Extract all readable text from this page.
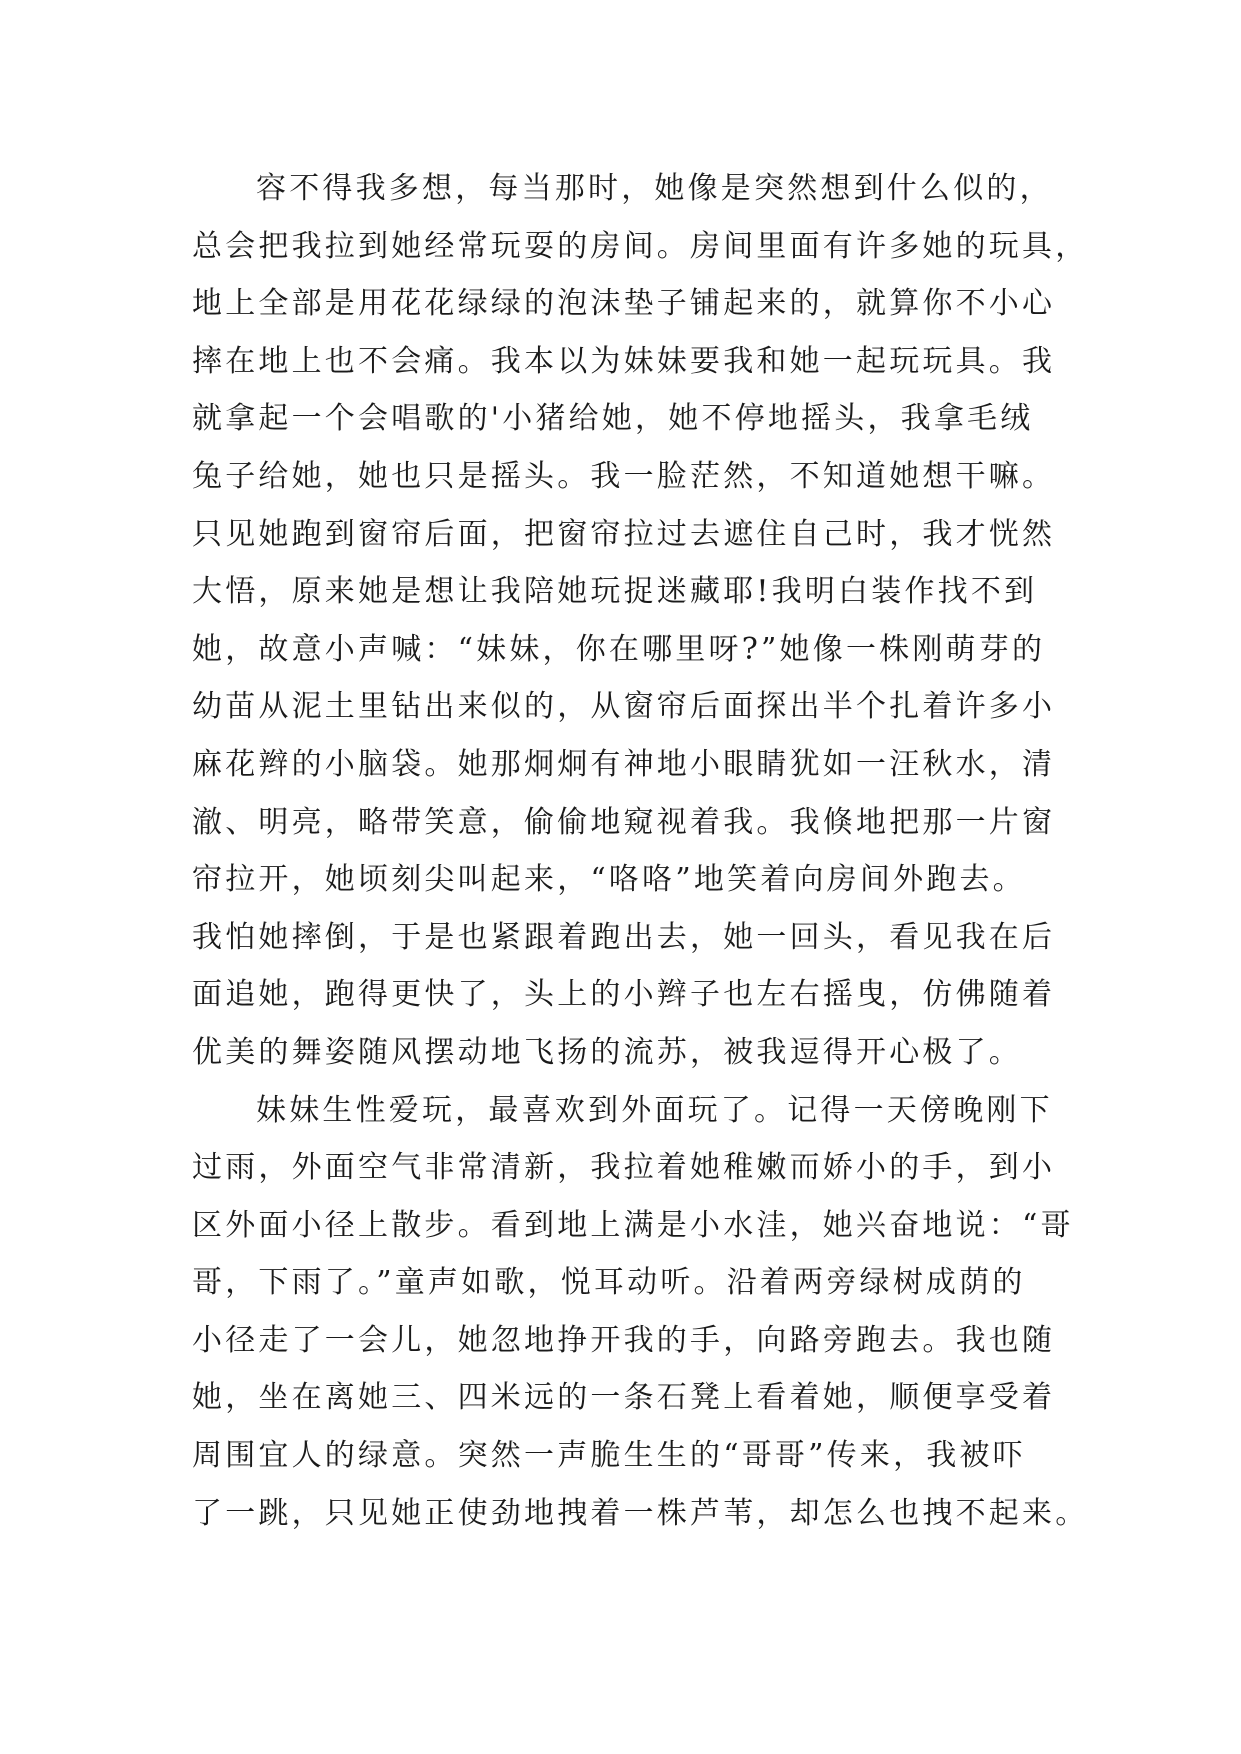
容不得我多想，每当那时，她像是突然想到什么似的，
总会把我拉到她经常玩耍的房间。房间里面有许多她的玩具，
地上全部是用花花绿绿的泡沫垫子铺起来的，就算你不小心
摔在地上也不会痛。我本以为妹妹要我和她一起玩玩具。我
就拿起一个会唱歌的'小猪给她，她不停地摇头，我拿毛绒
兔子给她，她也只是摇头。我一脸茫然，不知道她想干嘛。
只见她跑到窗帘后面，把窗帘拉过去遮住自己时，我才恍然
大悟，原来她是想让我陪她玩捉迷藏耶!我明白装作找不到
她，故意小声喊：“妹妹，你在哪里呀?”她像一株刚萌芽的
幼苗从泥土里钻出来似的，从窗帘后面探出半个扎着许多小
麻花辫的小脑袋。她那炯炯有神地小眼睛犹如一汪秋水，清
澈、明亮，略带笑意，偷偷地窥视着我。我倏地把那一片窗
帘拉开，她顷刻尖叫起来，“咯咯”地笑着向房间外跑去。
我怕她摔倒，于是也紧跟着跑出去，她一回头，看见我在后
面追她，跑得更快了，头上的小辫子也左右摇曳，仿佛随着
优美的舞姿随风摆动地飞扬的流苏，被我逗得开心极了。
妹妹生性爱玩，最喜欢到外面玩了。记得一天傍晚刚下
过雨，外面空气非常清新，我拉着她稚嫩而娇小的手，到小
区外面小径上散步。看到地上满是小水洼，她兴奋地说：“哥
哥，下雨了。”童声如歌，悦耳动听。沿着两旁绿树成荫的
小径走了一会儿，她忽地挣开我的手，向路旁跑去。我也随
她，坐在离她三、四米远的一条石凳上看着她，顺便享受着
周围宜人的绿意。突然一声脆生生的“哥哥”传来，我被吓
了一跳，只见她正使劲地拽着一株芦苇，却怎么也拽不起来。
